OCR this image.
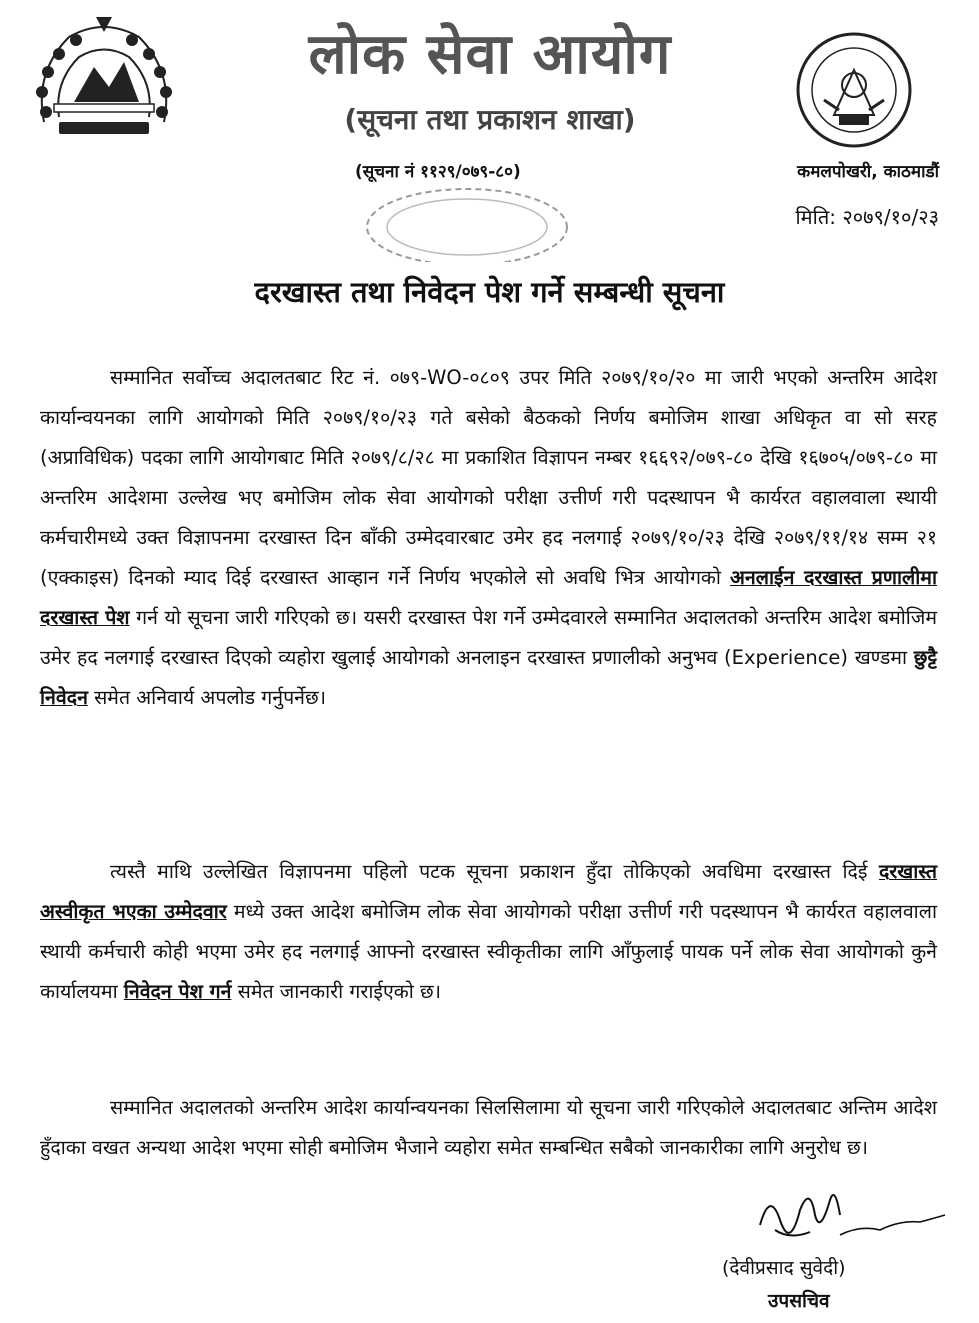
लोक सेवा आयोग
(सूचना तथा प्रकाशन शाखा)
(सूचना नं ११२९/०७९-८०)	कमलपोखरी, काठमाडौं
मिति: २०७९/१०/२३
दरखास्त तथा निवेदन पेश गर्ने सम्बन्धी सूचना

सम्मानित सर्वोच्च अदालतबाट रिट नं. ०७९-WO-०८०९ उपर मिति २०७९/१०/२० मा जारी भएको अन्तरिम आदेश कार्यान्वयनका लागि आयोगको मिति २०७९/१०/२३ गते बसेको बैठकको निर्णय बमोजिम शाखा अधिकृत वा सो सरह (अप्राविधिक) पदका लागि आयोगबाट मिति २०७९/८/२८ मा प्रकाशित विज्ञापन नम्बर १६६९२/०७९-८० देखि १६७०५/०७९-८० मा अन्तरिम आदेशमा उल्लेख भए बमोजिम लोक सेवा आयोगको परीक्षा उत्तीर्ण गरी पदस्थापन भै कार्यरत वहालवाला स्थायी कर्मचारीमध्ये उक्त विज्ञापनमा दरखास्त दिन बाँकी उम्मेदवारबाट उमेर हद नलगाई २०७९/१०/२३ देखि २०७९/११/१४ सम्म २१ (एक्काइस) दिनको म्याद दिई दरखास्त आव्हान गर्ने निर्णय भएकोले सो अवधि भित्र आयोगको अनलाईन दरखास्त प्रणालीमा दरखास्त पेश गर्न यो सूचना जारी गरिएको छ। यसरी दरखास्त पेश गर्ने उम्मेदवारले सम्मानित अदालतको अन्तरिम आदेश बमोजिम उमेर हद नलगाई दरखास्त दिएको व्यहोरा खुलाई आयोगको अनलाइन दरखास्त प्रणालीको अनुभव (Experience) खण्डमा छुट्टै निवेदन समेत अनिवार्य अपलोड गर्नुपर्नेछ।

त्यस्तै माथि उल्लेखित विज्ञापनमा पहिलो पटक सूचना प्रकाशन हुँदा तोकिएको अवधिमा दरखास्त दिई दरखास्त अस्वीकृत भएका उम्मेदवार मध्ये उक्त आदेश बमोजिम लोक सेवा आयोगको परीक्षा उत्तीर्ण गरी पदस्थापन भै कार्यरत वहालवाला स्थायी कर्मचारी कोही भएमा उमेर हद नलगाई आफ्नो दरखास्त स्वीकृतीका लागि आँफुलाई पायक पर्ने लोक सेवा आयोगको कुनै कार्यालयमा निवेदन पेश गर्न समेत जानकारी गराईएको छ।

सम्मानित अदालतको अन्तरिम आदेश कार्यान्वयनका सिलसिलामा यो सूचना जारी गरिएकोले अदालतबाट अन्तिम आदेश हुँदाका वखत अन्यथा आदेश भएमा सोही बमोजिम भैजाने व्यहोरा समेत सम्बन्धित सबैको जानकारीका लागि अनुरोध छ।

(देवीप्रसाद सुवेदी)
उपसचिव
